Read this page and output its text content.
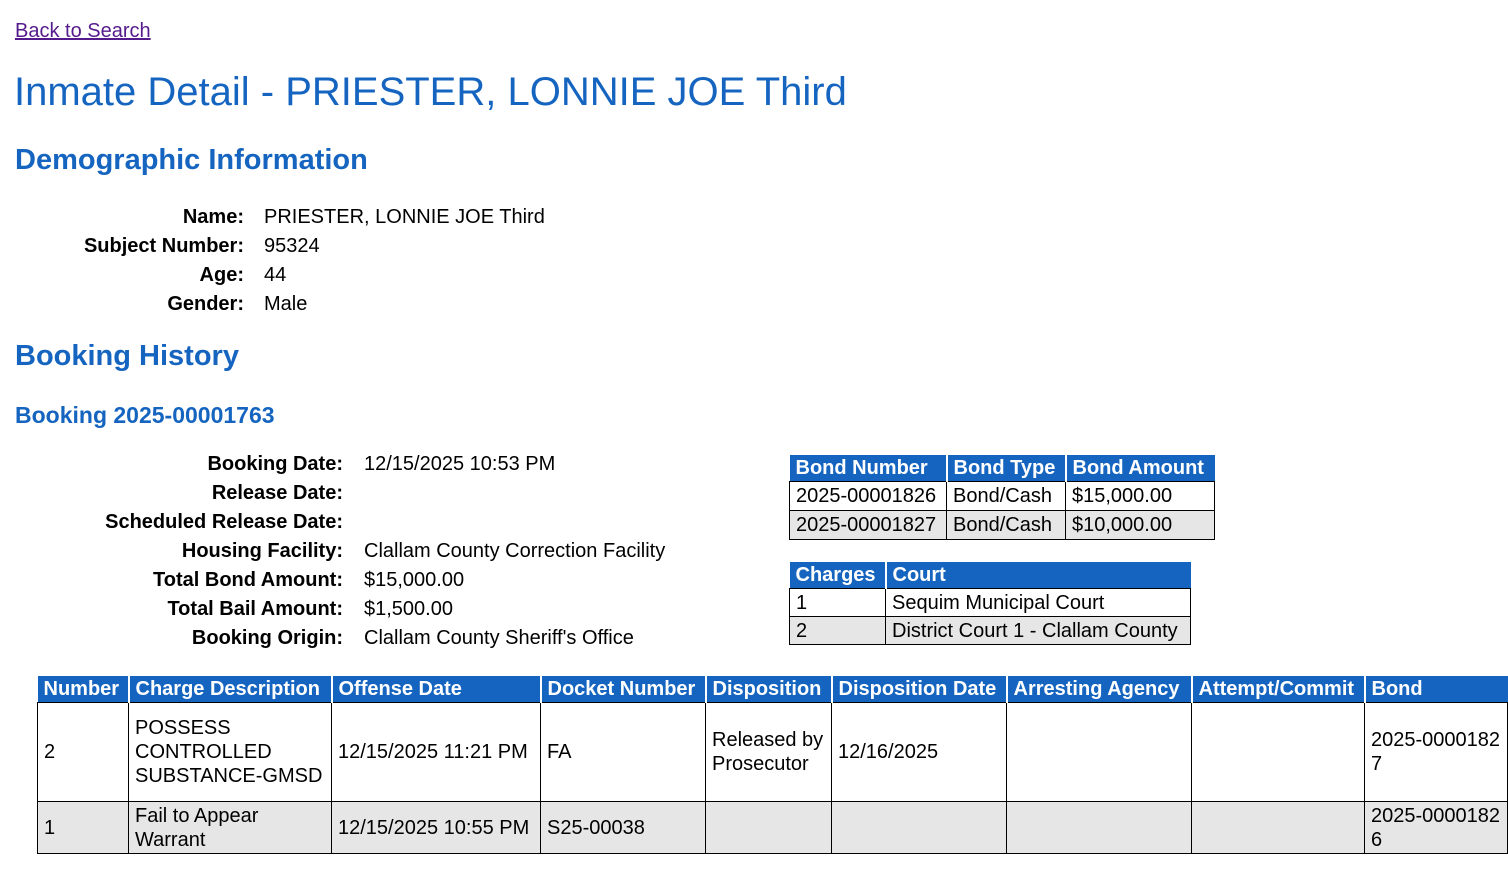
Back to Search
Inmate Detail - PRIESTER, LONNIE JOE Third
Demographic Information
Name: PRIESTER, LONNIE JOE Third
Subject Number: 95324
Age: 44
Gender: Male
Booking History
Booking 2025-00001763
Booking Date: 12/15/2025 10:53 PM
Release Date:
Scheduled Release Date:
Housing Facility: Clallam County Correction Facility
Total Bond Amount: $15,000.00
Total Bail Amount: $1,500.00
Booking Origin: Clallam County Sheriff's Office
Bond Number	Bond Type	Bond Amount
2025-00001826	Bond/Cash	$15,000.00
2025-00001827	Bond/Cash	$10,000.00
Charges	Court
1	Sequim Municipal Court
2	District Court 1 - Clallam County
Number	Charge Description	Offense Date	Docket Number	Disposition	Disposition Date	Arresting Agency	Attempt/Commit	Bond
2	POSSESS CONTROLLED SUBSTANCE-GMSD	12/15/2025 11:21 PM	FA	Released by Prosecutor	12/16/2025			2025-00001827
1	Fail to Appear Warrant	12/15/2025 10:55 PM	S25-00038					2025-00001826
